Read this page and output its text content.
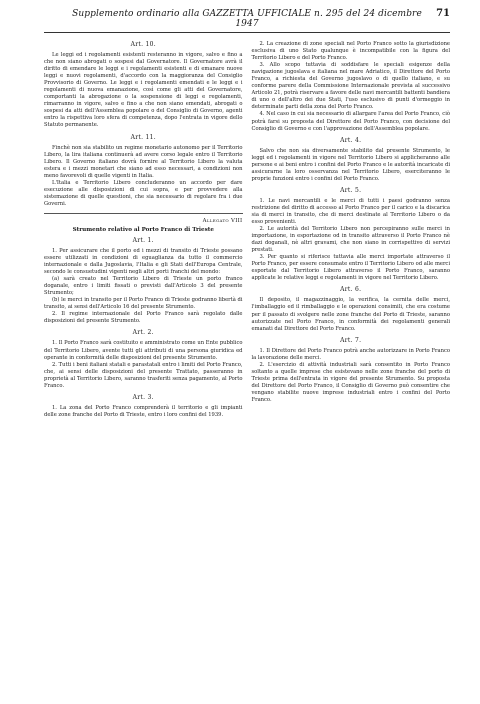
Supplemento ordinario alla GAZZETTA UFFICIALE n. 295 del 24 dicembre 1947
71
Art. 10.

Le leggi ed i regolamenti esistenti resteranno in vigore, salvo e fino a che non siano abrogati o sospesi dal Governatore. Il Governatore avrà il diritto di emendare le leggi e i regolamenti esistenti e di emanare nuove leggi e nuovi regolamenti, d'accordo con la maggioranza del Consiglio Provvisorio di Governo. Le leggi e i regolamenti emendati e le leggi e i regolamenti di nuova emanazione, così come gli atti del Governatore, comportanti la abrogazione o la sospensione di leggi e regolamenti, rimarranno in vigore, salvo e fino a che non siano emendati, abrogati o sospesi da atti dell'Assemblea popolare o del Consiglio di Governo, agenti entro la rispettiva loro sfera di competenza, dopo l'entrata in vigore dello Statuto permanente.

Art. 11.

Finchè non sia stabilito un regime monetario autonomo per il Territorio Libero, la lira italiana continuerà ad avere corso legale entro il Territorio Libero. Il Governo italiano dovrà fornire al Territorio Libero la valuta estera e i mezzi monetari che siano ad esso necessari, a condizioni non meno favorevoli di quelle vigenti in Italia.

L'Italia e Territorio Libero concluderanno un accordo per dare esecuzione alle disposizioni di cui sopra, e per provvedere alla sistemazione di quelle questioni, che sia necessario di regolare fra i due Governi.

Allegato VIII
Strumento relativo al Porto Franco di Trieste
Art. 1.

1. Per assicurare che il porto ed i mezzi di transito di Trieste possano essere utilizzati in condizioni di eguaglianza da tutto il commercio internazionale e dalla Jugoslavia, l'Italia e gli Stati dell'Europa Centrale, secondo le consuetudini vigenti negli altri porti franchi del mondo:

(a) sarà creato nel Territorio Libero di Trieste un porto franco doganale, entro i limiti fissati o previsti dall'Articolo 3 del presente Strumento;

(b) le merci in transito per il Porto Franco di Trieste godranno libertà di transito, ai sensi dell'Articolo 16 del presente Strumento.

2. Il regime internazionale del Porto Franco sarà regolato dalle disposizioni del presente Strumento.

Art. 2.

1. Il Porto Franco sarà costituito e amministrato come un Ente pubblico del Territorio Libero, avente tutti gli attributi di una persona giuridica ed operante in conformità delle disposizioni del presente Strumento.

2. Tutti i beni italiani statali e parastatali entro i limiti del Porto Franco, che, ai sensi delle disposizioni del presente Trattato, passeranno in proprietà al Territorio Libero, saranno trasferiti senza pagamento, al Porto Franco.

Art. 3.

1. La zona del Porto Franco comprenderà il territorio e gli impianti delle zone franche del Porto di Trieste, entro i loro confini del 1939.

2. La creazione di zone speciali nel Porto Franco sotto la giurisdizione esclusiva di uno Stato qualunque è incompatibile con la figura del Territorio Libero e del Porto Franco.

3. Allo scopo tuttavia di soddisfare le speciali esigenze della navigazione jugoslava e italiana nel mare Adriatico, il Direttore del Porto Franco, a richiesta del Governo jugoslavo o di quello italiano, e su conforme parere della Commissione Internazionale prevista al successivo Articolo 21, potrà riservare a favore delle navi mercantili battenti bandiera di uno o dell'altro dei due Stati, l'uso esclusivo di punti d'ormeggio in determinate parti della zona del Porto Franco.

4. Nel caso in cui sia necessario di allargare l'area del Porto Franco, ciò potrà farsi su proposta del Direttore del Porto Franco, con decisione del Consiglio di Governo e con l'approvazione dell'Assemblea popolare.

Art. 4.

Salvo che non sia diversamente stabilito dal presente Strumento, le leggi ed i regolamenti in vigore nel Territorio Libero si applicheranno alle persone e ai beni entro i confini del Porto Franco e le autorità incaricate di assicurarne la loro osservanza nel Territorio Libero, eserciteranno le proprie funzioni entro i confini del Porto Franco.

Art. 5.

1. Le navi mercantili e le merci di tutti i paesi godranno senza restrizione del diritto di accesso al Porto Franco per il carico e la discarica sia di merci in transito, che di merci destinate al Territorio Libero o da esso provenienti.

2. Le autorità del Territorio Libero non percepiranno sulle merci in importazione, in esportazione od in transito attraverso il Porto Franco nè dazi doganali, nè altri gravami, che non siano in corrispettivo di servizi prestati.

3. Per quanto si riferisce tuttavia alle merci importate attraverso il Porto Franco, per essere consumate entro il Territorio Libero od alle merci esportate dal Territorio Libero attraverso il Porto Franco, saranno applicate le relative leggi e regolamenti in vigore nel Territorio Libero.

Art. 6.

Il deposito, il magazzinaggio, la verifica, la cernita delle merci, l'imballaggio ed il rimballaggio e le operazioni consimili, che era costume per il passato di svolgere nelle zone franche del Porto di Trieste, saranno autorizzate nel Porto Franco, in conformità dei regolamenti generali emanati dal Direttore del Porto Franco.

Art. 7.

1. Il Direttore del Porto Franco potrà anche autorizzare in Porto Franco la lavorazione delle merci.

2. L'esercizio di attività industriali sarà consentito in Porto Franco soltanto a quelle imprese che esistevano nelle zone franche del porto di Trieste prima dell'entrata in vigore del presente Strumento. Su proposta del Direttore del Porto Franco, il Consiglio di Governo può consentire che vengano stabilite nuove imprese industriali entro i confini del Porto Franco.
